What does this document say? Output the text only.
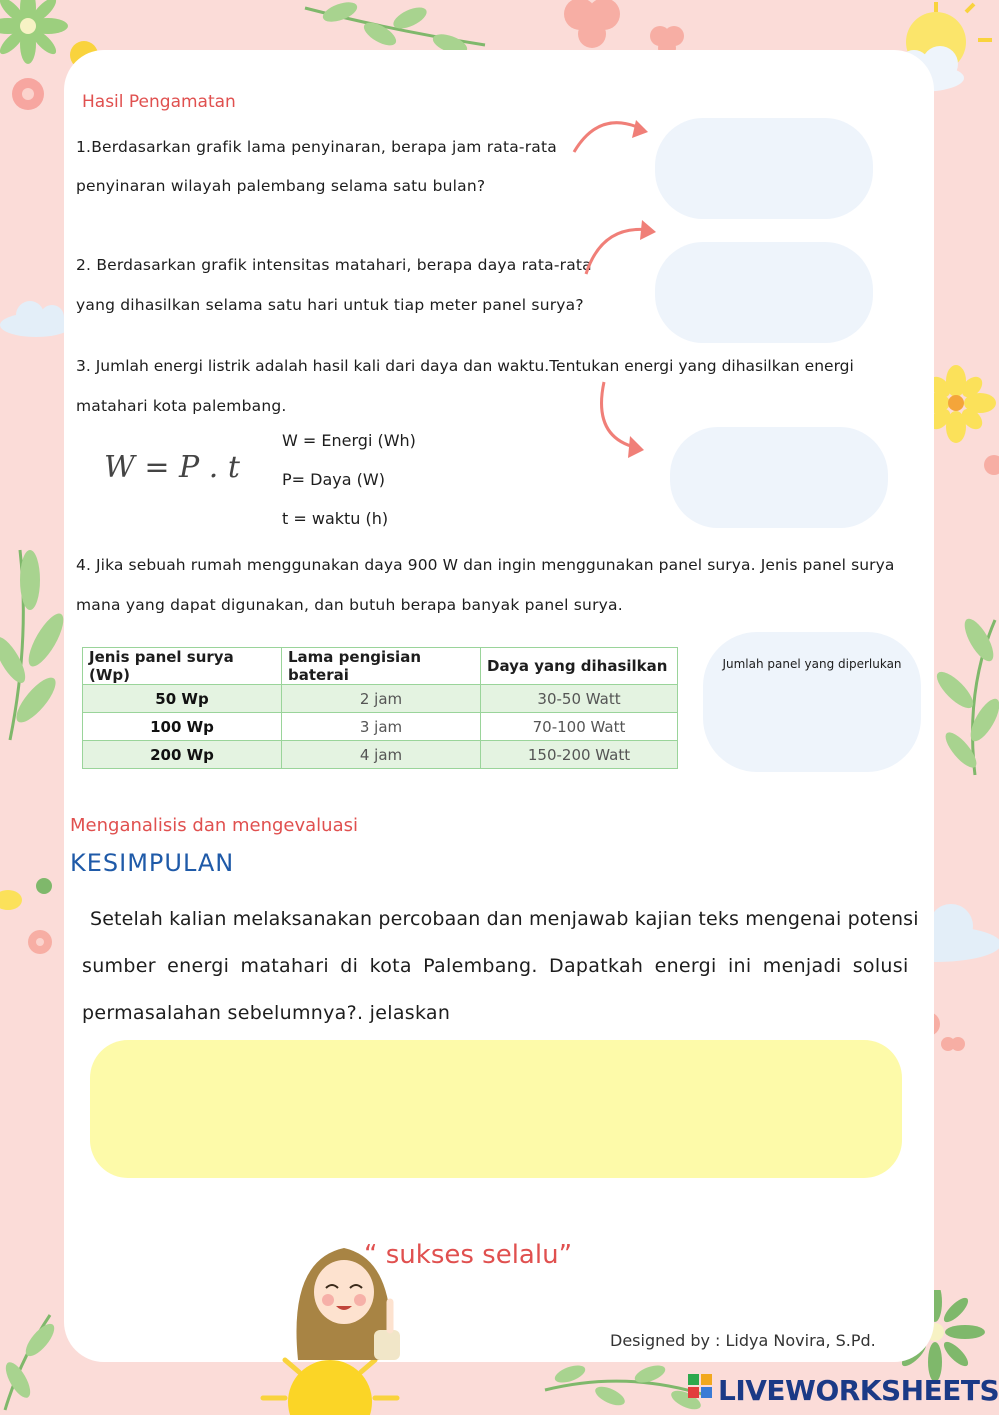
Hasil Pengamatan
1.Berdasarkan grafik lama penyinaran, berapa jam rata-rata
penyinaran wilayah palembang selama satu bulan?
2. Berdasarkan grafik intensitas matahari, berapa daya rata-rata
yang dihasilkan selama satu hari untuk tiap meter panel surya?
3. Jumlah energi listrik adalah hasil kali dari daya dan waktu.Tentukan energi yang dihasilkan energi
matahari kota palembang.
W = P . t
W = Energi (Wh)
P= Daya (W)
t = waktu (h)
4. Jika sebuah rumah menggunakan daya 900 W dan ingin menggunakan panel surya. Jenis panel surya
mana yang dapat digunakan, dan butuh berapa banyak panel surya.
Jenis panel surya (Wp)	Lama pengisian baterai	Daya yang dihasilkan
50 Wp	2 jam	30-50 Watt
100 Wp	3 jam	70-100 Watt
200 Wp	4 jam	150-200 Watt
Jumlah panel yang diperlukan
Menganalisis dan mengevaluasi
KESIMPULAN
Setelah kalian melaksanakan percobaan dan menjawab kajian teks mengenai potensi
sumber energi matahari di kota Palembang. Dapatkah energi ini menjadi solusi
permasalahan sebelumnya?. jelaskan
“ sukses selalu”
Designed by : Lidya Novira, S.Pd.
LIVEWORKSHEETS
